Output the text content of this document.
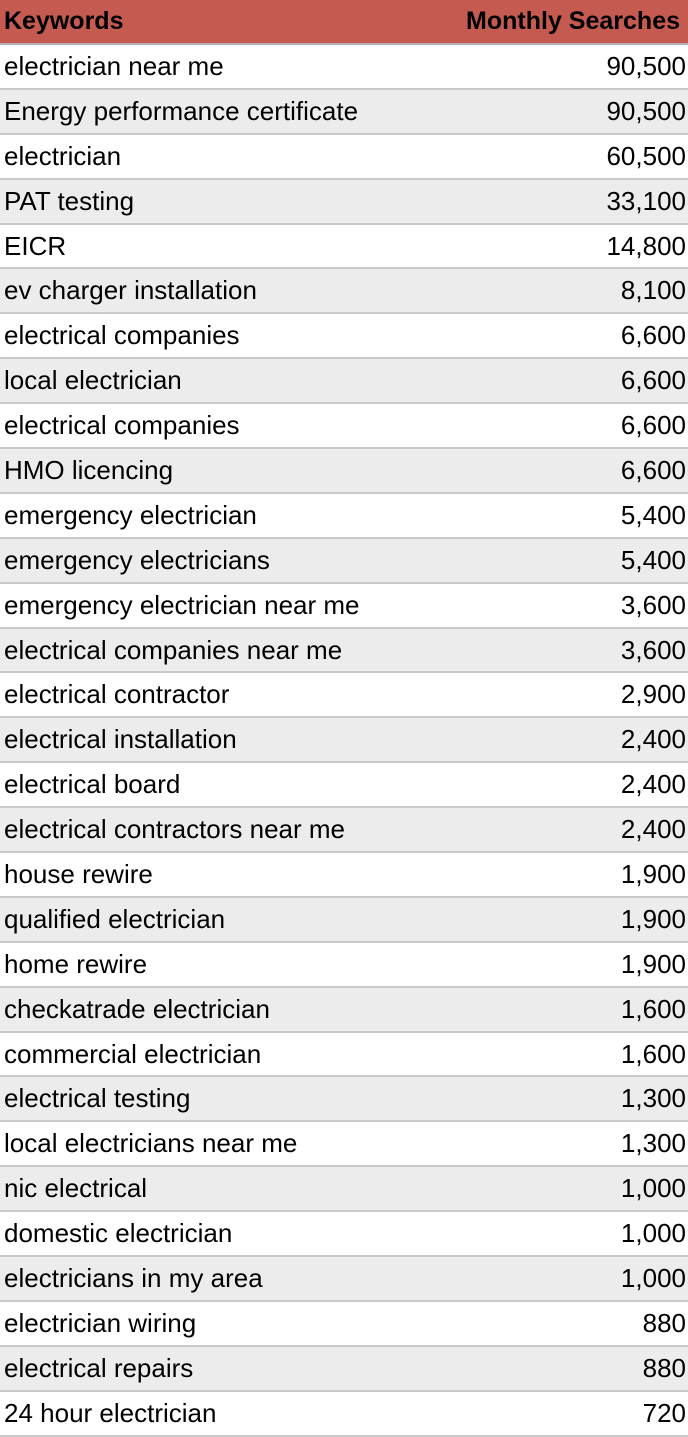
Keywords	Monthly Searches
electrician near me	90,500
Energy performance certificate	90,500
electrician	60,500
PAT testing	33,100
EICR	14,800
ev charger installation	8,100
electrical companies	6,600
local electrician	6,600
electrical companies	6,600
HMO licencing	6,600
emergency electrician	5,400
emergency electricians	5,400
emergency electrician near me	3,600
electrical companies near me	3,600
electrical contractor	2,900
electrical installation	2,400
electrical board	2,400
electrical contractors near me	2,400
house rewire	1,900
qualified electrician	1,900
home rewire	1,900
checkatrade electrician	1,600
commercial electrician	1,600
electrical testing	1,300
local electricians near me	1,300
nic electrical	1,000
domestic electrician	1,000
electricians in my area	1,000
electrician wiring	880
electrical repairs	880
24 hour electrician	720
